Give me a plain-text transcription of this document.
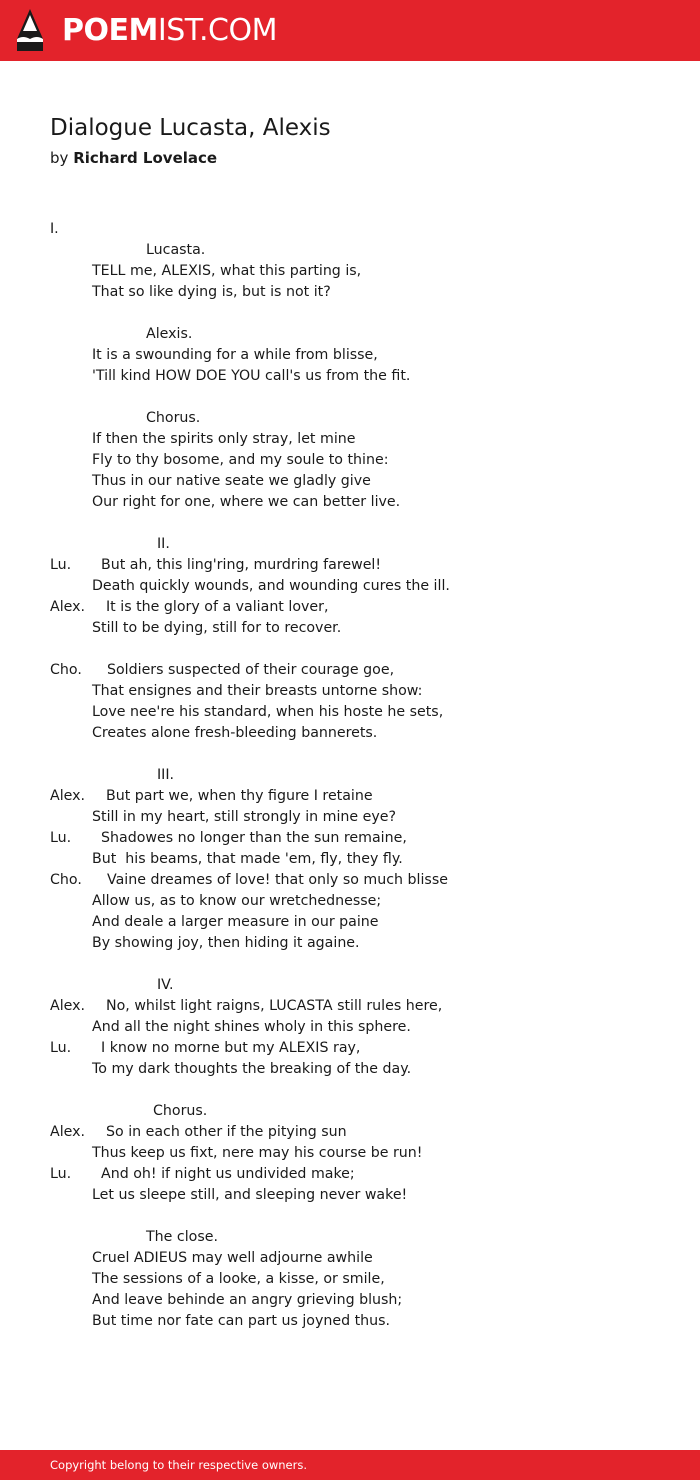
POEMIST.COM
Dialogue Lucasta, Alexis
by Richard Lovelace
I.
Lucasta.
TELL me, ALEXIS, what this parting is,
That so like dying is, but is not it?
Alexis.
It is a swounding for a while from blisse,
'Till kind HOW DOE YOU call's us from the fit.
Chorus.
If then the spirits only stray, let mine
Fly to thy bosome, and my soule to thine:
Thus in our native seate we gladly give
Our right for one, where we can better live.
II.
Lu. But ah, this ling'ring, murdring farewel!
Death quickly wounds, and wounding cures the ill.
Alex. It is the glory of a valiant lover,
Still to be dying, still for to recover.
Cho. Soldiers suspected of their courage goe,
That ensignes and their breasts untorne show:
Love nee're his standard, when his hoste he sets,
Creates alone fresh-bleeding bannerets.
III.
Alex. But part we, when thy figure I retaine
Still in my heart, still strongly in mine eye?
Lu. Shadowes no longer than the sun remaine,
But  his beams, that made 'em, fly, they fly.
Cho. Vaine dreames of love! that only so much blisse
Allow us, as to know our wretchednesse;
And deale a larger measure in our paine
By showing joy, then hiding it againe.
IV.
Alex. No, whilst light raigns, LUCASTA still rules here,
And all the night shines wholy in this sphere.
Lu. I know no morne but my ALEXIS ray,
To my dark thoughts the breaking of the day.
Chorus.
Alex. So in each other if the pitying sun
Thus keep us fixt, nere may his course be run!
Lu. And oh! if night us undivided make;
Let us sleepe still, and sleeping never wake!
The close.
Cruel ADIEUS may well adjourne awhile
The sessions of a looke, a kisse, or smile,
And leave behinde an angry grieving blush;
But time nor fate can part us joyned thus.
Copyright belong to their respective owners.
